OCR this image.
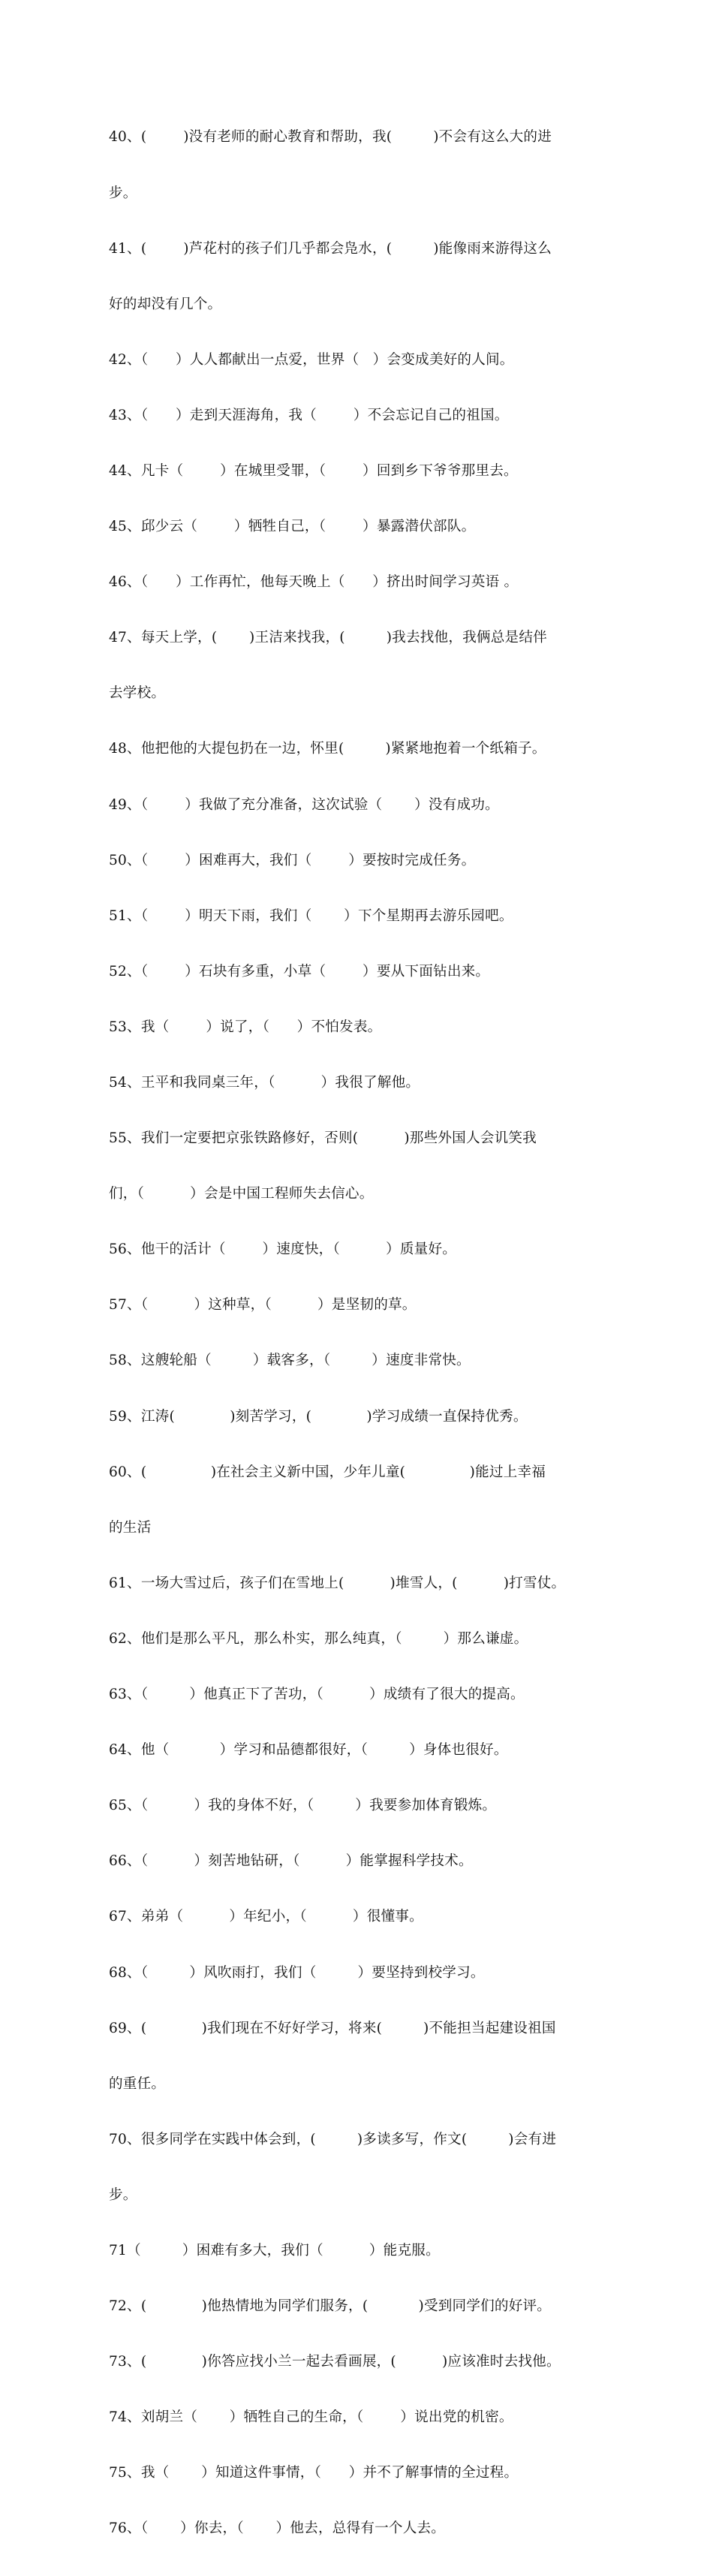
40、(        )没有老师的耐心教育和帮助，我(         )不会有这么大的进

步。

41、(        )芦花村的孩子们几乎都会凫水，(         )能像雨来游得这么

好的却没有几个。

42、（      ）人人都献出一点爱，世界（   ）会变成美好的人间。

43、（      ）走到天涯海角，我（        ）不会忘记自己的祖国。

44、凡卡（        ）在城里受罪，（        ）回到乡下爷爷那里去。

45、邱少云（        ）牺牲自己，（        ）暴露潜伏部队。

46、（      ）工作再忙，他每天晚上（      ）挤出时间学习英语 。

47、每天上学，(       )王洁来找我，(         )我去找他，我俩总是结伴

去学校。

48、他把他的大提包扔在一边，怀里(         )紧紧地抱着一个纸箱子。

49、（        ）我做了充分准备，这次试验（       ）没有成功。

50、（        ）困难再大，我们（        ）要按时完成任务。

51、（        ）明天下雨，我们（       ）下个星期再去游乐园吧。

52、（        ）石块有多重，小草（        ）要从下面钻出来。

53、我（        ）说了，（      ）不怕发表。

54、王平和我同桌三年，（          ）我很了解他。

55、我们一定要把京张铁路修好，否则(          )那些外国人会讥笑我

们，（          ）会是中国工程师失去信心。

56、他干的活计（        ）速度快，（          ）质量好。

57、（          ）这种草，（          ）是坚韧的草。

58、这艘轮船（         ）载客多，（         ）速度非常快。

59、江涛(            )刻苦学习，(            )学习成绩一直保持优秀。

60、(              )在社会主义新中国，少年儿童(              )能过上幸福

的生活

61、一场大雪过后，孩子们在雪地上(          )堆雪人，(          )打雪仗。

62、他们是那么平凡，那么朴实，那么纯真，（         ）那么谦虚。

63、（         ）他真正下了苦功，（          ）成绩有了很大的提高。

64、他（           ）学习和品德都很好，（         ）身体也很好。

65、（          ）我的身体不好，（         ）我要参加体育锻炼。

66、（          ）刻苦地钻研，（          ）能掌握科学技术。

67、弟弟（          ）年纪小，（          ）很懂事。

68、（         ）风吹雨打，我们（         ）要坚持到校学习。

69、(            )我们现在不好好学习，将来(         )不能担当起建设祖国

的重任。

70、很多同学在实践中体会到，(         )多读多写，作文(         )会有进

步。

71（         ）困难有多大，我们（          ）能克服。

72、(            )他热情地为同学们服务，(           )受到同学们的好评。

73、(            )你答应找小兰一起去看画展，(          )应该准时去找他。

74、刘胡兰（       ）牺牲自己的生命，（        ）说出党的机密。

75、我（       ）知道这件事情，（      ）并不了解事情的全过程。

76、（       ）你去，（       ）他去，总得有一个人去。
